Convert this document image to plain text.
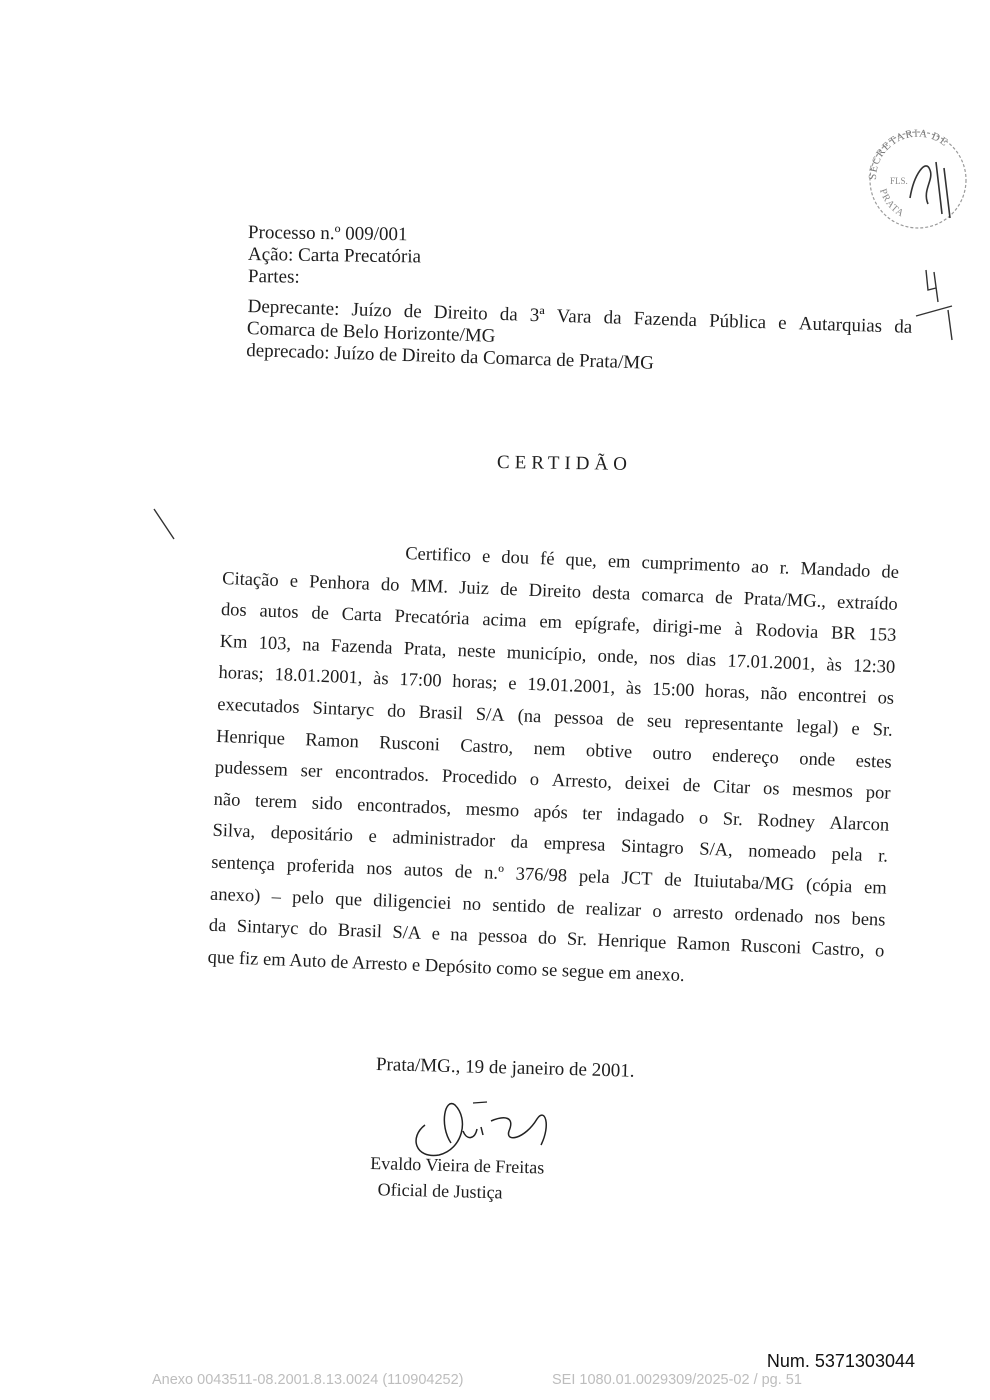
SECRETARIA DE
FLS.
PRATA
Processo n.º 009/001
Ação: Carta Precatória
Partes:
Deprecante: Juízo de Direito da 3ª Vara da Fazenda Pública e Autarquias da
Comarca de Belo Horizonte/MG
deprecado: Juízo de Direito da Comarca de Prata/MG
CERTIDÃO
Certifico e dou fé que, em cumprimento ao r. Mandado de
Citação e Penhora do MM. Juiz de Direito desta comarca de Prata/MG., extraído
dos autos de Carta Precatória acima em epígrafe, dirigi-me à Rodovia BR 153
Km 103, na Fazenda Prata, neste município, onde, nos dias 17.01.2001, às 12:30
horas; 18.01.2001, às 17:00 horas; e 19.01.2001, às 15:00 horas, não encontrei os
executados Sintaryc do Brasil S/A (na pessoa de seu representante legal) e Sr.
Henrique Ramon Rusconi Castro, nem obtive outro endereço onde estes
pudessem ser encontrados. Procedido o Arresto, deixei de Citar os mesmos por
não terem sido encontrados, mesmo após ter indagado o Sr. Rodney Alarcon
Silva, depositário e administrador da empresa Sintagro S/A, nomeado pela r.
sentença proferida nos autos de n.º 376/98 pela JCT de Ituiutaba/MG (cópia em
anexo) – pelo que diligenciei no sentido de realizar o arresto ordenado nos bens
da Sintaryc do Brasil S/A e na pessoa do Sr. Henrique Ramon Rusconi Castro, o
que fiz em Auto de Arresto e Depósito como se segue em anexo.
Prata/MG., 19 de janeiro de 2001.
Evaldo Vieira de Freitas
Oficial de Justiça
Num. 5371303044
Anexo 0043511-08.2001.8.13.0024 (110904252)	SEI 1080.01.0029309/2025-02 / pg. 51
